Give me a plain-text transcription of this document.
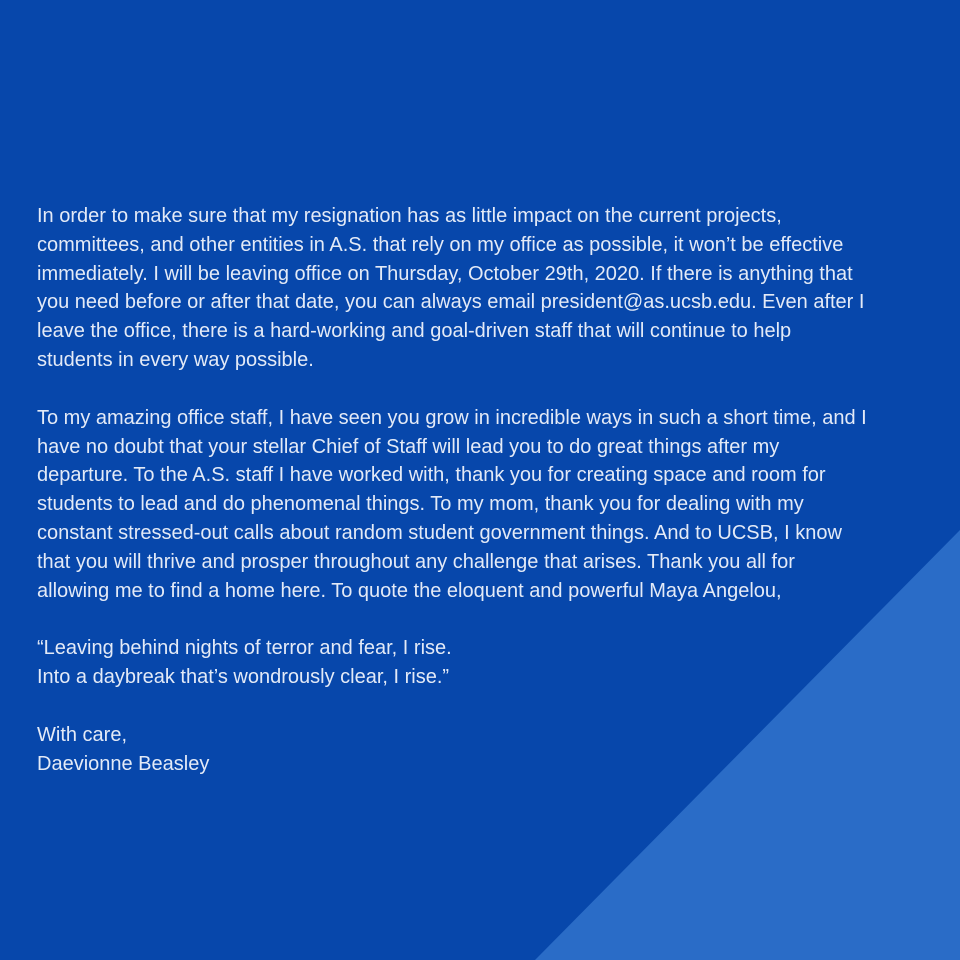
In order to make sure that my resignation has as little impact on the current projects,
committees, and other entities in A.S. that rely on my office as possible, it won’t be effective
immediately. I will be leaving office on Thursday, October 29th, 2020. If there is anything that
you need before or after that date, you can always email president@as.ucsb.edu. Even after I
leave the office, there is a hard-working and goal-driven staff that will continue to help
students in every way possible.

To my amazing office staff, I have seen you grow in incredible ways in such a short time, and I
have no doubt that your stellar Chief of Staff will lead you to do great things after my
departure. To the A.S. staff I have worked with, thank you for creating space and room for
students to lead and do phenomenal things. To my mom, thank you for dealing with my
constant stressed-out calls about random student government things. And to UCSB, I know
that you will thrive and prosper throughout any challenge that arises. Thank you all for
allowing me to find a home here. To quote the eloquent and powerful Maya Angelou,

“Leaving behind nights of terror and fear, I rise.
Into a daybreak that’s wondrously clear, I rise.”

With care,
Daevionne Beasley
